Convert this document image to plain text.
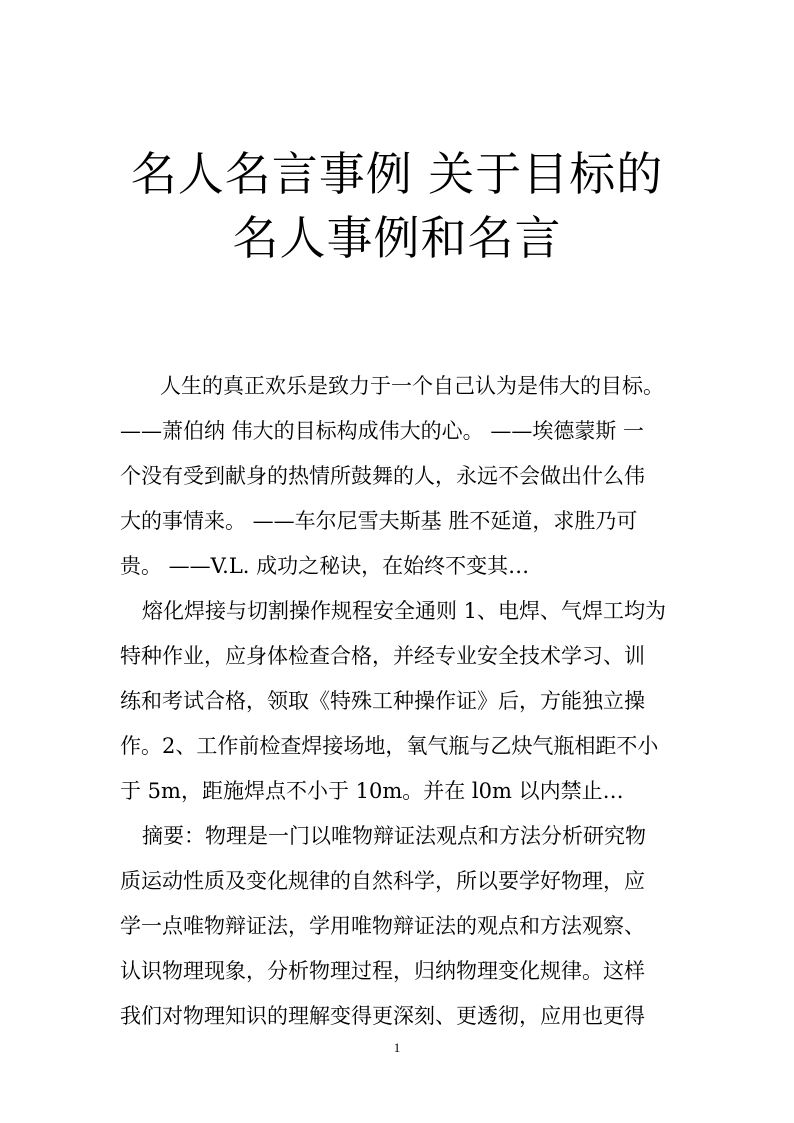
名人名言事例 关于目标的
名人事例和名言
人生的真正欢乐是致力于一个自己认为是伟大的目标。
——萧伯纳 伟大的目标构成伟大的心。 ——埃德蒙斯 一
个没有受到献身的热情所鼓舞的人，永远不会做出什么伟
大的事情来。 ——车尔尼雪夫斯基 胜不延道，求胜乃可
贵。 ——V.L. 成功之秘诀，在始终不变其…
熔化焊接与切割操作规程安全通则 1、电焊、气焊工均为
特种作业，应身体检查合格，并经专业安全技术学习、训
练和考试合格，领取《特殊工种操作证》后，方能独立操
作。2、工作前检查焊接场地，氧气瓶与乙炔气瓶相距不小
于 5m，距施焊点不小于 10m。并在 l0m 以内禁止…
摘要：物理是一门以唯物辩证法观点和方法分析研究物
质运动性质及变化规律的自然科学，所以要学好物理，应
学一点唯物辩证法，学用唯物辩证法的观点和方法观察、
认识物理现象，分析物理过程，归纳物理变化规律。这样
我们对物理知识的理解变得更深刻、更透彻，应用也更得
1
